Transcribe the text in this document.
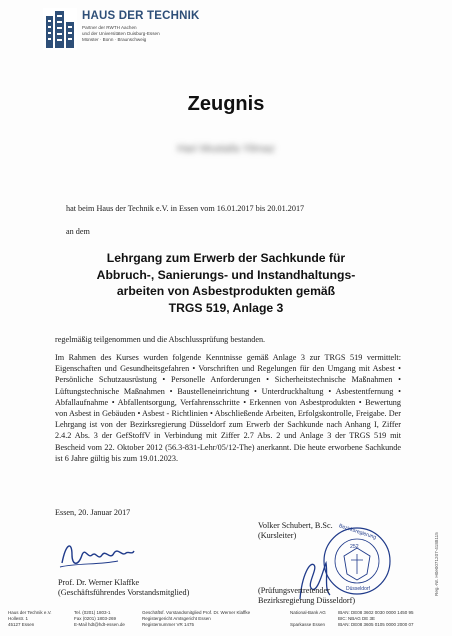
HAUS DER TECHNIK
Partner der RWTH Aachen
und der Universitäten Duisburg-Essen
Münster · Bonn · Braunschweig
Zeugnis
Hari Mustafa Yilmaz
hat beim Haus der Technik e.V. in Essen vom 16.01.2017 bis 20.01.2017
an dem
Lehrgang zum Erwerb der Sachkunde für
Abbruch-, Sanierungs- und Instandhaltungs-
arbeiten von Asbestprodukten gemäß
TRGS 519, Anlage 3
regelmäßig teilgenommen und die Abschlussprüfung bestanden.
Im Rahmen des Kurses wurden folgende Kenntnisse gemäß Anlage 3 zur TRGS 519 vermittelt: Eigenschaften und Gesundheitsgefahren • Vorschriften und Regelungen für den Umgang mit Asbest • Persönliche Schutzausrüstung • Personelle Anforderungen • Sicherheitstechnische Maßnahmen • Lüftungstechnische Maßnahmen • Baustelleneinrichtung • Unterdruckhaltung • Asbestentfernung • Abfallaufnahme • Abfallentsorgung, Verfahrensschritte • Erkennen von Asbestprodukten • Bewertung von Asbest in Gebäuden • Asbest - Richtlinien • Abschließende Arbeiten, Erfolgskontrolle, Freigabe. Der Lehrgang ist von der Bezirksregierung Düsseldorf zum Erwerb der Sachkunde nach Anhang I, Ziffer 2.4.2 Abs. 3 der GefStoffV in Verbindung mit Ziffer 2.7 Abs. 2 und Anlage 3 der TRGS 519 mit Bescheid vom 22. Oktober 2012 (56.3-831-Lehr/05/12-The) anerkannt. Die heute erworbene Sachkunde ist 6 Jahre gültig bis zum 19.01.2023.
Essen, 20. Januar 2017
Prof. Dr. Werner Klaffke
(Geschäftsführendes Vorstandsmitglied)
Volker Schubert, B.Sc.
(Kursleiter)	Bezirksregierung
252
Düsseldorf
(Prüfungsvertretender
Bezirksregierung Düsseldorf)
Reg.-Nr. H0e0071207-4188115
Haus der Technik e.V.
Hollestr. 1
45127 Essen
Tel. (0201) 1803-1
Fax (0201) 1803-269
E-Mail hdt@hdt-essen.de
Geschäftsf. Vorstandsmitglied Prof. Dr. Werner Klaffke
Registergericht Amtsgericht Essen
Registernummer VR 1475
National-Bank AG

Sparkasse Essen
IBAN: DE08 3602 0030 0000 1450 95
BIC: NBAG DE 3E
IBAN: DE08 3605 0105 0000 2000 07
